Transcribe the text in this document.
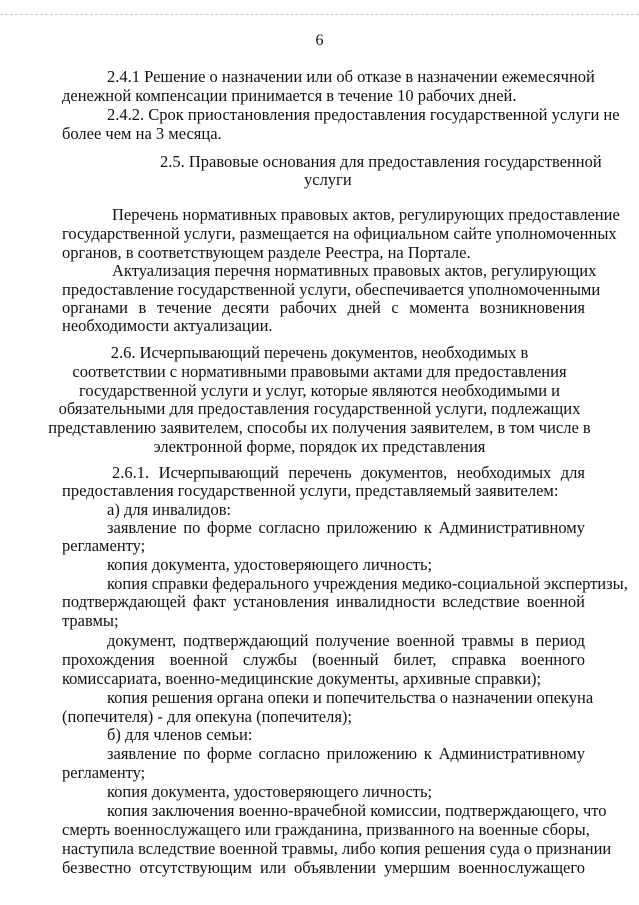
6
2.4.1 Решение о назначении или об отказе в назначении ежемесячной
денежной компенсации принимается в течение 10 рабочих дней.
2.4.2. Срок приостановления предоставления государственной услуги не
более чем на 3 месяца.
2.5. Правовые основания для предоставления государственной
услуги
Перечень нормативных правовых актов, регулирующих предоставление
государственной услуги, размещается на официальном сайте уполномоченных
органов, в соответствующем разделе Реестра, на Портале.
Актуализация перечня нормативных правовых актов, регулирующих
предоставление государственной услуги, обеспечивается уполномоченными
органами в течение десяти рабочих дней с момента возникновения
необходимости актуализации.
2.6. Исчерпывающий перечень документов, необходимых в
соответствии с нормативными правовыми актами для предоставления
государственной услуги и услуг, которые являются необходимыми и
обязательными для предоставления государственной услуги, подлежащих
представлению заявителем, способы их получения заявителем, в том числе в
электронной форме, порядок их представления
2.6.1. Исчерпывающий перечень документов, необходимых для
предоставления государственной услуги, представляемый заявителем:
а) для инвалидов:
заявление по форме согласно приложению к Административному
регламенту;
копия документа, удостоверяющего личность;
копия справки федерального учреждения медико-социальной экспертизы,
подтверждающей факт установления инвалидности вследствие военной
травмы;
документ, подтверждающий получение военной травмы в период
прохождения военной службы (военный билет, справка военного
комиссариата, военно-медицинские документы, архивные справки);
копия решения органа опеки и попечительства о назначении опекуна
(попечителя) - для опекуна (попечителя);
б) для членов семьи:
заявление по форме согласно приложению к Административному
регламенту;
копия документа, удостоверяющего личность;
копия заключения военно-врачебной комиссии, подтверждающего, что
смерть военнослужащего или гражданина, призванного на военные сборы,
наступила вследствие военной травмы, либо копия решения суда о признании
безвестно отсутствующим или объявлении умершим военнослужащего
